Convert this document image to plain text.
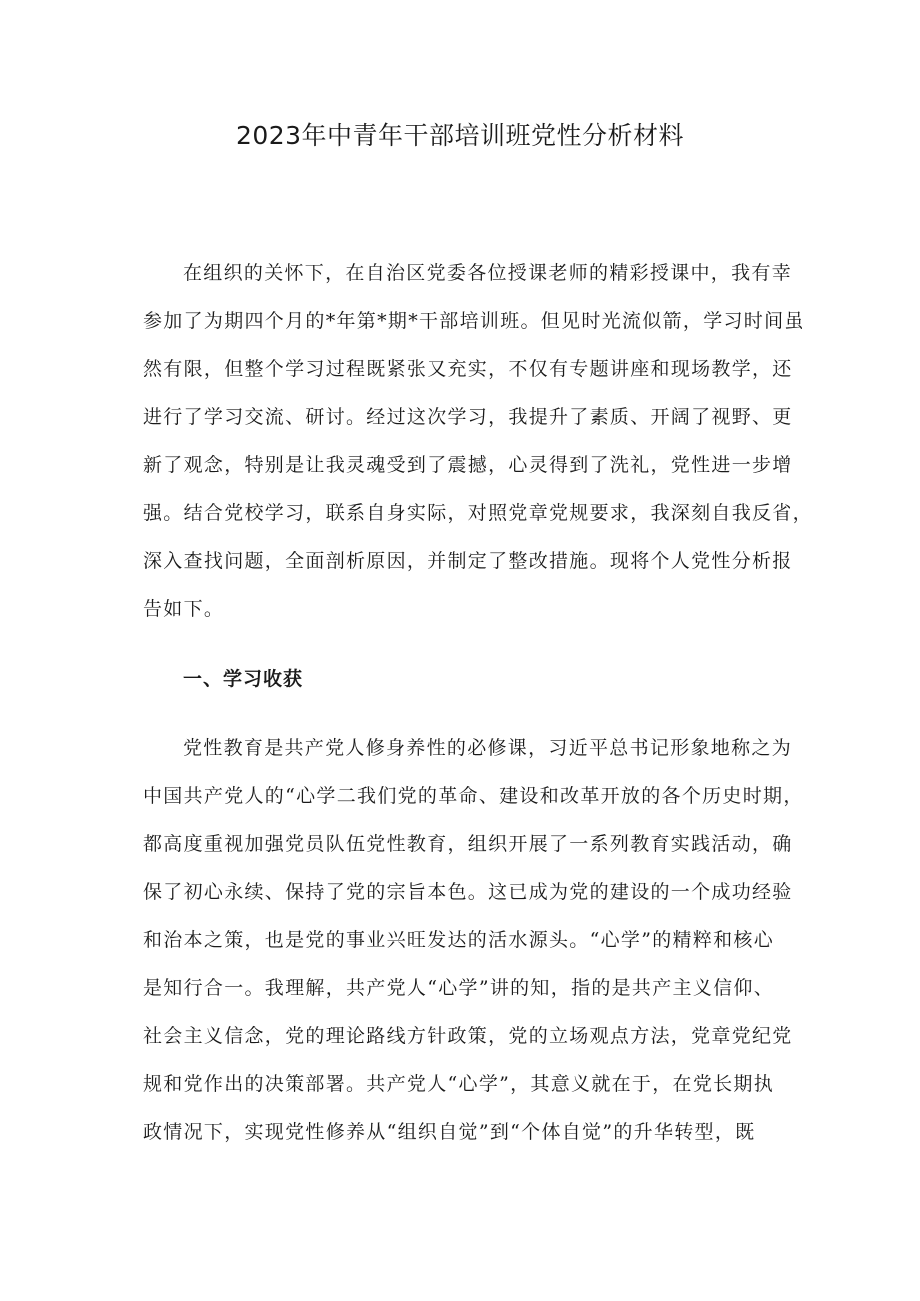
2023年中青年干部培训班党性分析材料
在组织的关怀下，在自治区党委各位授课老师的精彩授课中，我有幸
参加了为期四个月的*年第*期*干部培训班。但见时光流似箭，学习时间虽
然有限，但整个学习过程既紧张又充实，不仅有专题讲座和现场教学，还
进行了学习交流、研讨。经过这次学习，我提升了素质、开阔了视野、更
新了观念，特别是让我灵魂受到了震撼，心灵得到了洗礼，党性进一步增
强。结合党校学习，联系自身实际，对照党章党规要求，我深刻自我反省，
深入查找问题，全面剖析原因，并制定了整改措施。现将个人党性分析报
告如下。
一、学习收获
党性教育是共产党人修身养性的必修课，习近平总书记形象地称之为
中国共产党人的“心学二我们党的革命、建设和改革开放的各个历史时期，
都高度重视加强党员队伍党性教育，组织开展了一系列教育实践活动，确
保了初心永续、保持了党的宗旨本色。这已成为党的建设的一个成功经验
和治本之策，也是党的事业兴旺发达的活水源头。“心学”的精粹和核心
是知行合一。我理解，共产党人“心学”讲的知，指的是共产主义信仰、
社会主义信念，党的理论路线方针政策，党的立场观点方法，党章党纪党
规和党作出的决策部署。共产党人“心学”，其意义就在于，在党长期执
政情况下，实现党性修养从“组织自觉”到“个体自觉”的升华转型，既
